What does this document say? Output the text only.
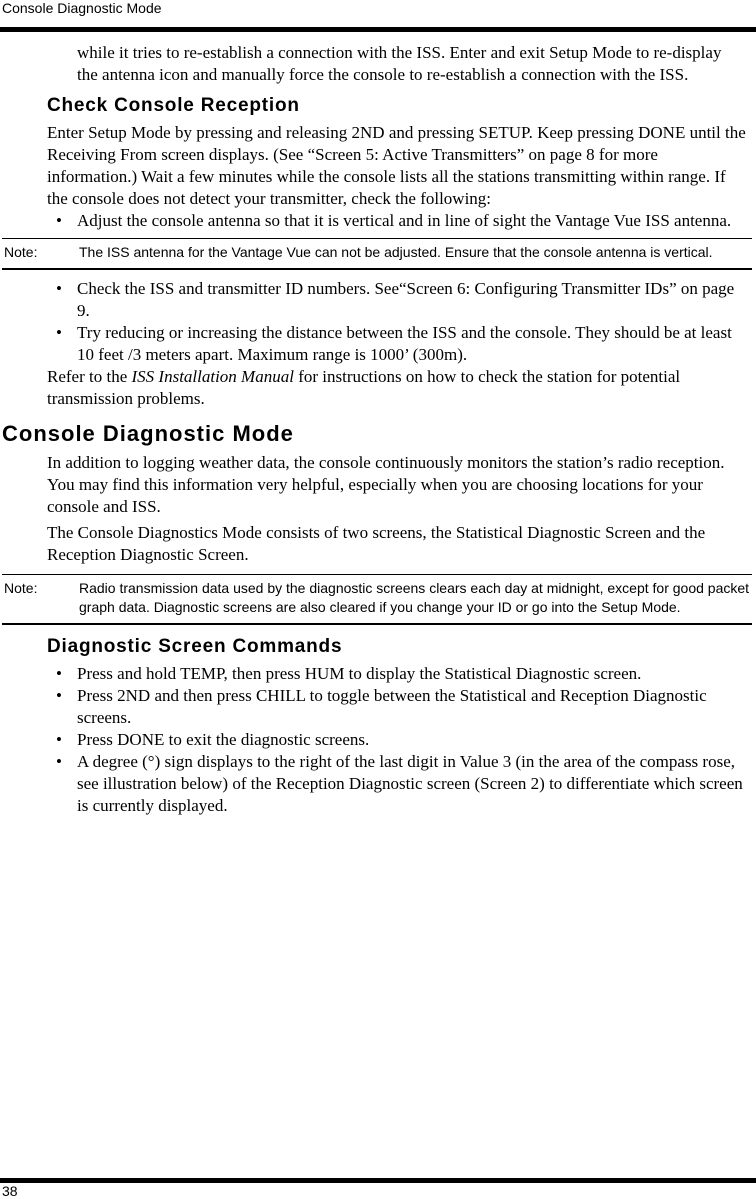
Console Diagnostic Mode

while it tries to re-establish a connection with the ISS. Enter and exit Setup Mode to re-display the antenna icon and manually force the console to re-establish a connection with the ISS.

Check Console Reception

Enter Setup Mode by pressing and releasing 2ND and pressing SETUP. Keep pressing DONE until the Receiving From screen displays. (See “Screen 5: Active Transmitters” on page 8 for more information.) Wait a few minutes while the console lists all the stations transmitting within range. If the console does not detect your transmitter, check the following:

• Adjust the console antenna so that it is vertical and in line of sight the Vantage Vue ISS antenna.
Note:	The ISS antenna for the Vantage Vue can not be adjusted. Ensure that the console antenna is vertical.
• Check the ISS and transmitter ID numbers. See“Screen 6: Configuring Transmitter IDs” on page 9.
• Try reducing or increasing the distance between the ISS and the console. They should be at least 10 feet /3 meters apart. Maximum range is 1000’ (300m).

Refer to the ISS Installation Manual for instructions on how to check the station for potential transmission problems.

Console Diagnostic Mode

In addition to logging weather data, the console continuously monitors the station’s radio reception. You may find this information very helpful, especially when you are choosing locations for your console and ISS.

The Console Diagnostics Mode consists of two screens, the Statistical Diagnostic Screen and the Reception Diagnostic Screen.

Note:	Radio transmission data used by the diagnostic screens clears each day at midnight, except for good packet graph data. Diagnostic screens are also cleared if you change your ID or go into the Setup Mode.
Diagnostic Screen Commands
• Press and hold TEMP, then press HUM to display the Statistical Diagnostic screen.
• Press 2ND and then press CHILL to toggle between the Statistical and Reception Diagnostic screens.
• Press DONE to exit the diagnostic screens.
• A degree (°) sign displays to the right of the last digit in Value 3 (in the area of the compass rose, see illustration below) of the Reception Diagnostic screen (Screen 2) to differentiate which screen is currently displayed.
38
